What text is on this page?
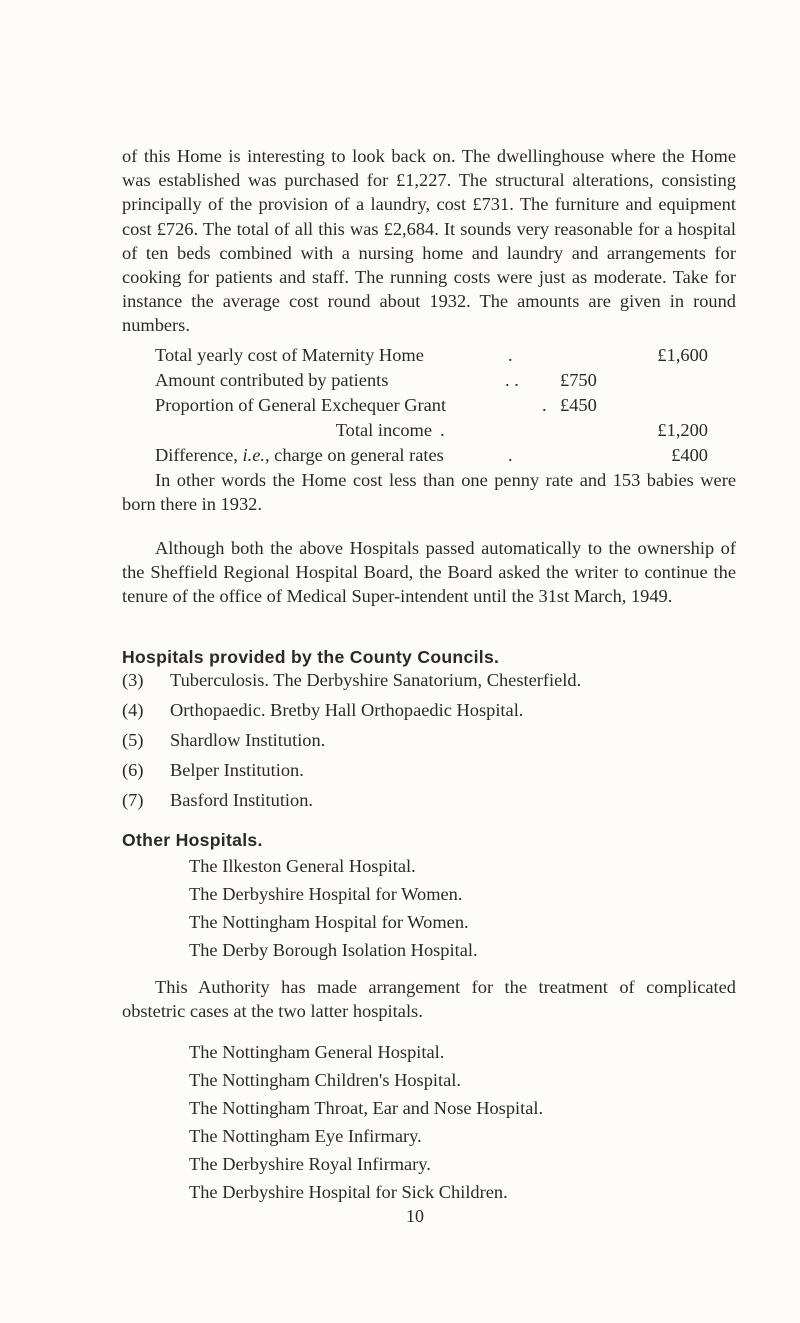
of this Home is interesting to look back on. The dwellinghouse where the Home was established was purchased for £1,227. The structural alterations, consisting principally of the provision of a laundry, cost £731. The furniture and equipment cost £726. The total of all this was £2,684. It sounds very reasonable for a hospital of ten beds combined with a nursing home and laundry and arrangements for cooking for patients and staff. The running costs were just as moderate. Take for instance the average cost round about 1932. The amounts are given in round numbers.

Total yearly cost of Maternity Home	.	£1,600
Amount contributed by patients	. . £750
Proportion of General Exchequer Grant	. £450
Total income .	£1,200
Difference, i.e., charge on general rates	.	£400

In other words the Home cost less than one penny rate and 153 babies were born there in 1932.

Although both the above Hospitals passed automatically to the ownership of the Sheffield Regional Hospital Board, the Board asked the writer to continue the tenure of the office of Medical Super-intendent until the 31st March, 1949.

Hospitals provided by the County Councils.
(3) Tuberculosis. The Derbyshire Sanatorium, Chesterfield.
(4) Orthopaedic. Bretby Hall Orthopaedic Hospital.
(5) Shardlow Institution.
(6) Belper Institution.
(7) Basford Institution.
Other Hospitals.
The Ilkeston General Hospital.
The Derbyshire Hospital for Women.
The Nottingham Hospital for Women.
The Derby Borough Isolation Hospital.

This Authority has made arrangement for the treatment of complicated obstetric cases at the two latter hospitals.

The Nottingham General Hospital.
The Nottingham Children's Hospital.
The Nottingham Throat, Ear and Nose Hospital.
The Nottingham Eye Infirmary.
The Derbyshire Royal Infirmary.
The Derbyshire Hospital for Sick Children.
10
